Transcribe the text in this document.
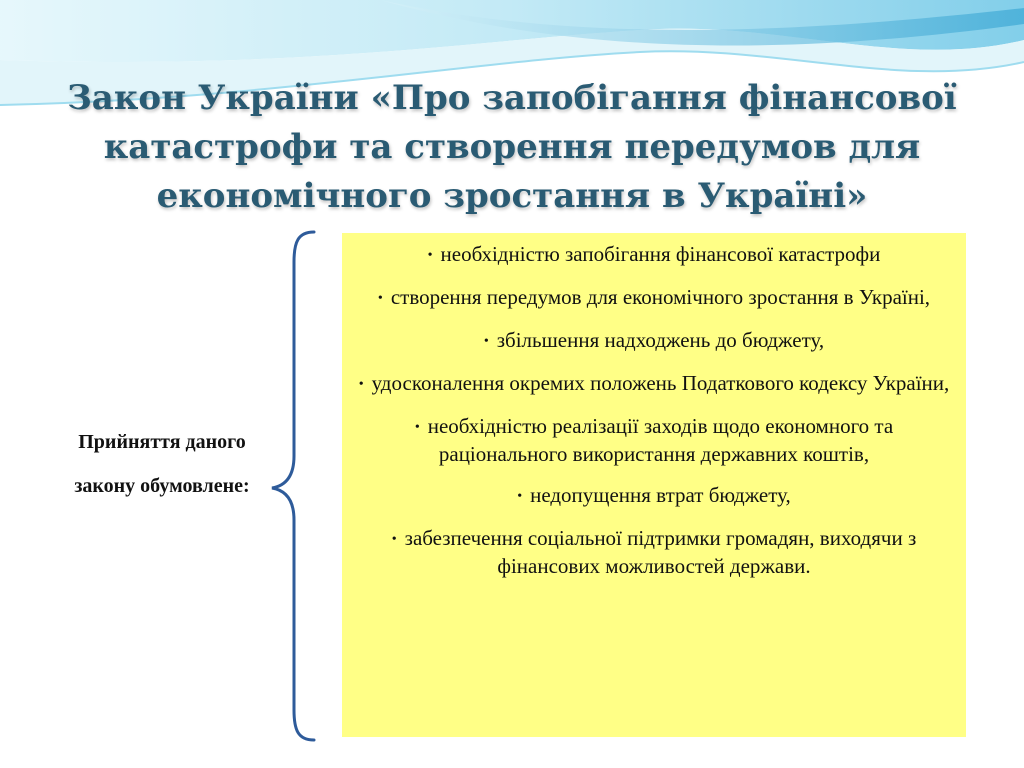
Закон України «Про запобігання фінансової катастрофи та створення передумов для економічного зростання в Україні»
Прийняття даного закону обумовлене:
• необхідністю запобігання фінансової катастрофи
• створення передумов для економічного зростання в Україні,
• збільшення надходжень до бюджету,
• удосконалення окремих положень Податкового кодексу України,
• необхідністю реалізації заходів щодо економного та раціонального використання державних коштів,
• недопущення втрат бюджету,
• забезпечення соціальної підтримки громадян, виходячи з фінансових можливостей держави.
